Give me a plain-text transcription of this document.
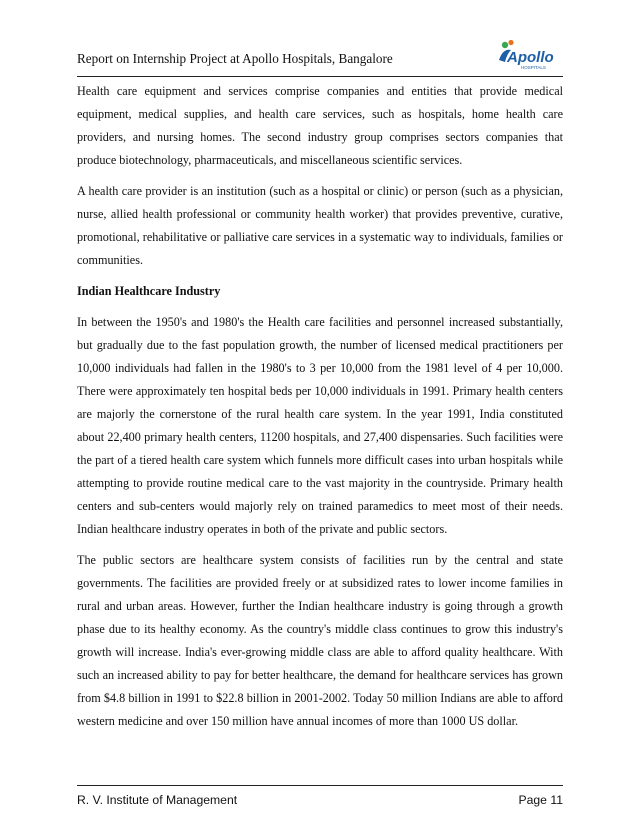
Report on Internship Project at Apollo Hospitals, Bangalore	Apollo
HOSPITALS

Health care equipment and services comprise companies and entities that provide medical equipment, medical supplies, and health care services, such as hospitals, home health care providers, and nursing homes. The second industry group comprises sectors companies that produce biotechnology, pharmaceuticals, and miscellaneous scientific services.

A health care provider is an institution (such as a hospital or clinic) or person (such as a physician, nurse, allied health professional or community health worker) that provides preventive, curative, promotional, rehabilitative or palliative care services in a systematic way to individuals, families or communities.

Indian Healthcare Industry

In between the 1950's and 1980's the Health care facilities and personnel increased substantially, but gradually due to the fast population growth, the number of licensed medical practitioners per 10,000 individuals had fallen in the 1980's to 3 per 10,000 from the 1981 level of 4 per 10,000. There were approximately ten hospital beds per 10,000 individuals in 1991. Primary health centers are majorly the cornerstone of the rural health care system. In the year 1991, India constituted about 22,400 primary health centers, 11200 hospitals, and 27,400 dispensaries. Such facilities were the part of a tiered health care system which funnels more difficult cases into urban hospitals while attempting to provide routine medical care to the vast majority in the countryside. Primary health centers and sub-centers would majorly rely on trained paramedics to meet most of their needs. Indian healthcare industry operates in both of the private and public sectors.

The public sectors are healthcare system consists of facilities run by the central and state governments. The facilities are provided freely or at subsidized rates to lower income families in rural and urban areas. However, further the Indian healthcare industry is going through a growth phase due to its healthy economy. As the country's middle class continues to grow this industry's growth will increase. India's ever-growing middle class are able to afford quality healthcare. With such an increased ability to pay for better healthcare, the demand for healthcare services has grown from $4.8 billion in 1991 to $22.8 billion in 2001-2002. Today 50 million Indians are able to afford western medicine and over 150 million have annual incomes of more than 1000 US dollar.

R. V. Institute of Management	Page 11
